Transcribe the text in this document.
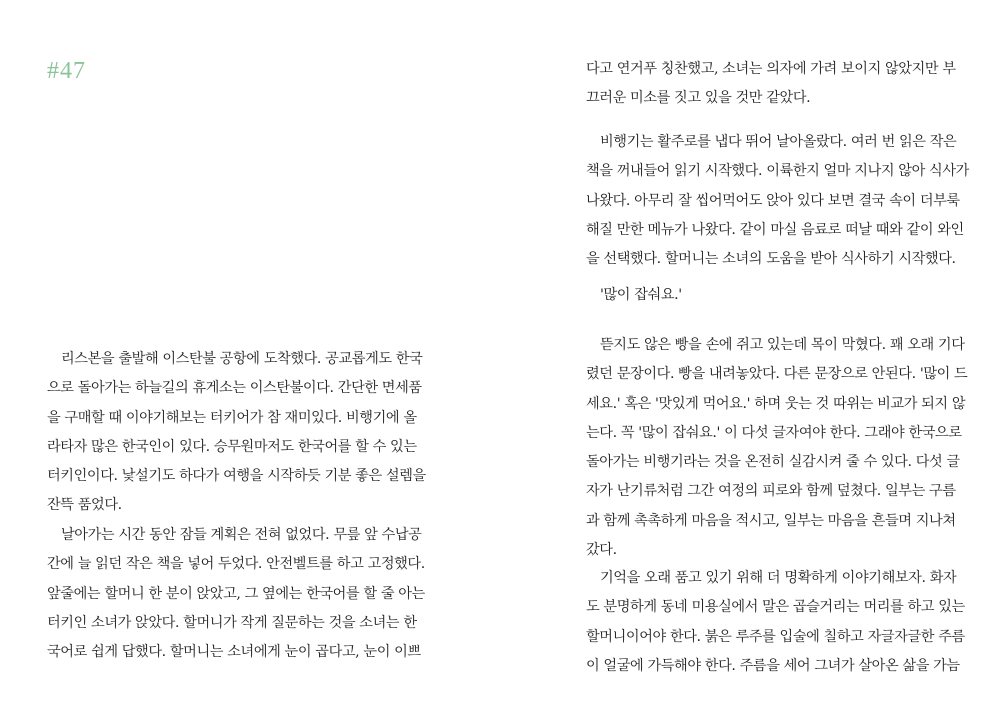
#47

리스본을 출발해 이스탄불 공항에 도착했다. 공교롭게도 한국
으로 돌아가는 하늘길의 휴게소는 이스탄불이다. 간단한 면세품
을 구매할 때 이야기해보는 터키어가 참 재미있다. 비행기에 올
라타자 많은 한국인이 있다. 승무원마저도 한국어를 할 수 있는
터키인이다. 낯설기도 하다가 여행을 시작하듯 기분 좋은 설렘을
잔뜩 품었다.

날아가는 시간 동안 잠들 계획은 전혀 없었다. 무릎 앞 수납공
간에 늘 읽던 작은 책을 넣어 두었다. 안전벨트를 하고 고정했다.
앞줄에는 할머니 한 분이 앉았고, 그 옆에는 한국어를 할 줄 아는
터키인 소녀가 앉았다. 할머니가 작게 질문하는 것을 소녀는 한
국어로 쉽게 답했다. 할머니는 소녀에게 눈이 곱다고, 눈이 이쁘

다고 연거푸 칭찬했고, 소녀는 의자에 가려 보이지 않았지만 부
끄러운 미소를 짓고 있을 것만 같았다.

비행기는 활주로를 냅다 뛰어 날아올랐다. 여러 번 읽은 작은
책을 꺼내들어 읽기 시작했다. 이륙한지 얼마 지나지 않아 식사가
나왔다. 아무리 잘 씹어먹어도 앉아 있다 보면 결국 속이 더부룩
해질 만한 메뉴가 나왔다. 같이 마실 음료로 떠날 때와 같이 와인
을 선택했다. 할머니는 소녀의 도움을 받아 식사하기 시작했다.

'많이 잡숴요.'

뜯지도 않은 빵을 손에 쥐고 있는데 목이 막혔다. 꽤 오래 기다
렸던 문장이다. 빵을 내려놓았다. 다른 문장으로 안된다. '많이 드
세요.' 혹은 '맛있게 먹어요.' 하며 웃는 것 따위는 비교가 되지 않
는다. 꼭 '많이 잡숴요.' 이 다섯 글자여야 한다. 그래야 한국으로
돌아가는 비행기라는 것을 온전히 실감시켜 줄 수 있다. 다섯 글
자가 난기류처럼 그간 여정의 피로와 함께 덮쳤다. 일부는 구름
과 함께 촉촉하게 마음을 적시고, 일부는 마음을 흔들며 지나쳐
갔다.

기억을 오래 품고 있기 위해 더 명확하게 이야기해보자. 화자
도 분명하게 동네 미용실에서 말은 곱슬거리는 머리를 하고 있는
할머니이어야 한다. 붉은 루주를 입술에 칠하고 자글자글한 주름
이 얼굴에 가득해야 한다. 주름을 세어 그녀가 살아온 삶을 가늠
